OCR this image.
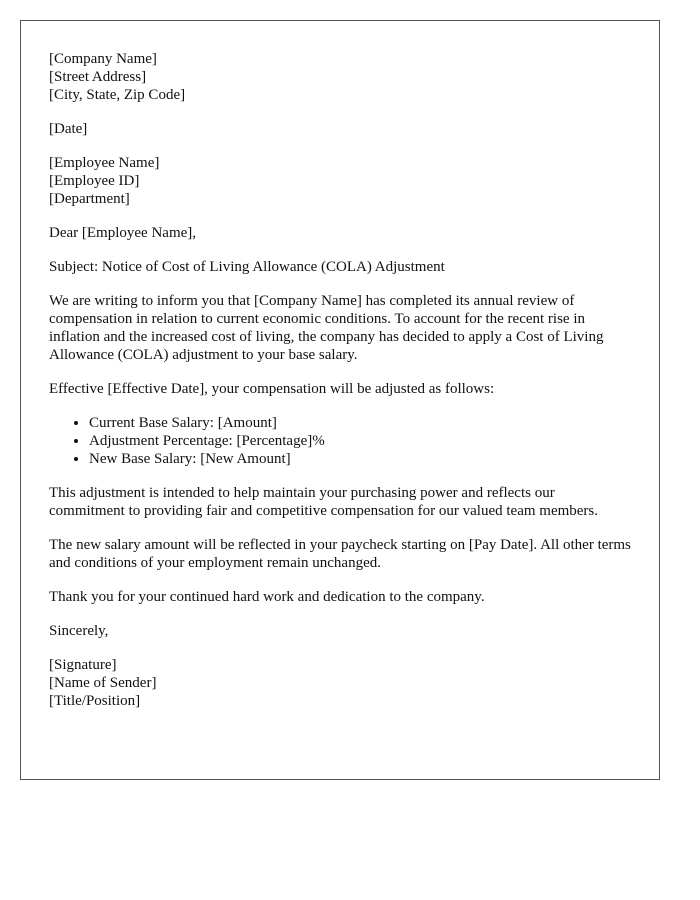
[Company Name]
[Street Address]
[City, State, Zip Code]
[Date]
[Employee Name]
[Employee ID]
[Department]

Dear [Employee Name],

Subject: Notice of Cost of Living Allowance (COLA) Adjustment

We are writing to inform you that [Company Name] has completed its annual review of compensation in relation to current economic conditions. To account for the recent rise in inflation and the increased cost of living, the company has decided to apply a Cost of Living Allowance (COLA) adjustment to your base salary.

Effective [Effective Date], your compensation will be adjusted as follows:

• Current Base Salary: [Amount]
• Adjustment Percentage: [Percentage]%
• New Base Salary: [New Amount]

This adjustment is intended to help maintain your purchasing power and reflects our commitment to providing fair and competitive compensation for our valued team members.

The new salary amount will be reflected in your paycheck starting on [Pay Date]. All other terms and conditions of your employment remain unchanged.

Thank you for your continued hard work and dedication to the company.

Sincerely,

[Signature]
[Name of Sender]
[Title/Position]
